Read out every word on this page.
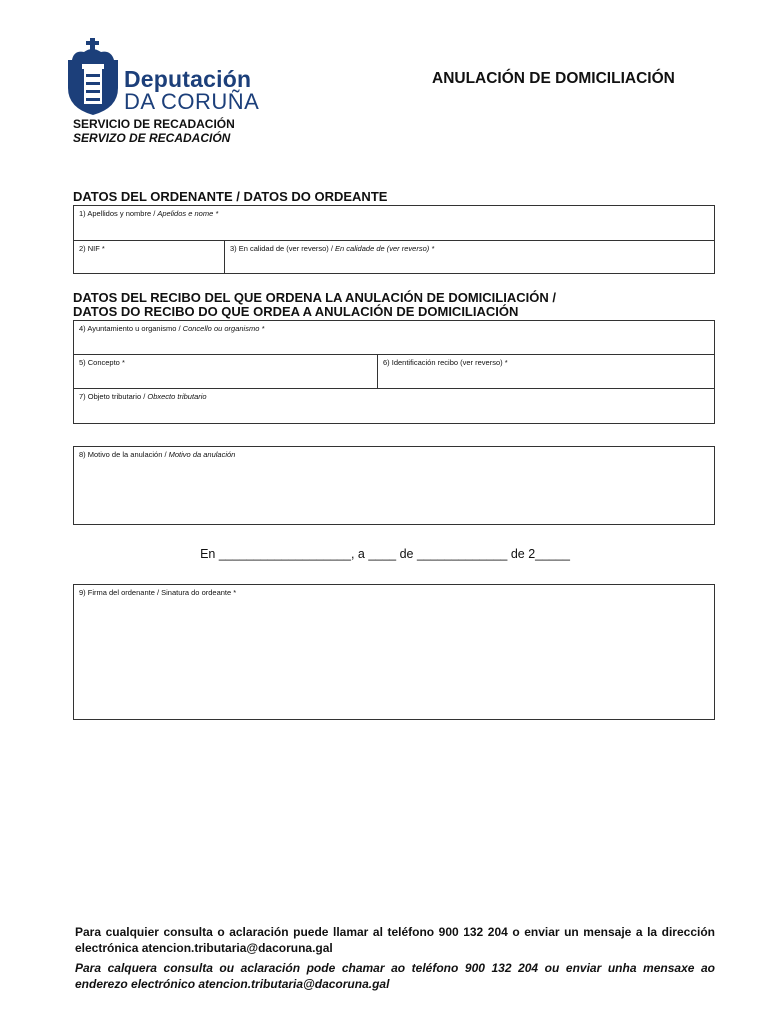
Deputación
DA CORUÑA
SERVICIO DE RECADACIÓN
SERVIZO DE RECADACIÓN
ANULACIÓN DE DOMICILIACIÓN
DATOS DEL ORDENANTE / DATOS DO ORDEANTE
1) Apellidos y nombre / Apelidos e nome *
2) NIF *	3) En calidad de (ver reverso) / En calidade de (ver reverso) *
DATOS DEL RECIBO DEL QUE ORDENA LA ANULACIÓN DE DOMICILIACIÓN /
DATOS DO RECIBO DO QUE ORDEA A ANULACIÓN DE DOMICILIACIÓN
4) Ayuntamiento u organismo / Concello ou organismo *
5) Concepto *	6) Identificación recibo (ver reverso) *
7) Objeto tributario / Obxecto tributario
8) Motivo de la anulación / Motivo da anulación
En ___________________, a ____ de _____________ de 2_____
9) Firma del ordenante / Sinatura do ordeante *
Para cualquier consulta o aclaración puede llamar al teléfono 900 132 204 o enviar un mensaje a la dirección electrónica atencion.tributaria@dacoruna.gal
Para calquera consulta ou aclaración pode chamar ao teléfono 900 132 204 ou enviar unha mensaxe ao enderezo electrónico atencion.tributaria@dacoruna.gal
